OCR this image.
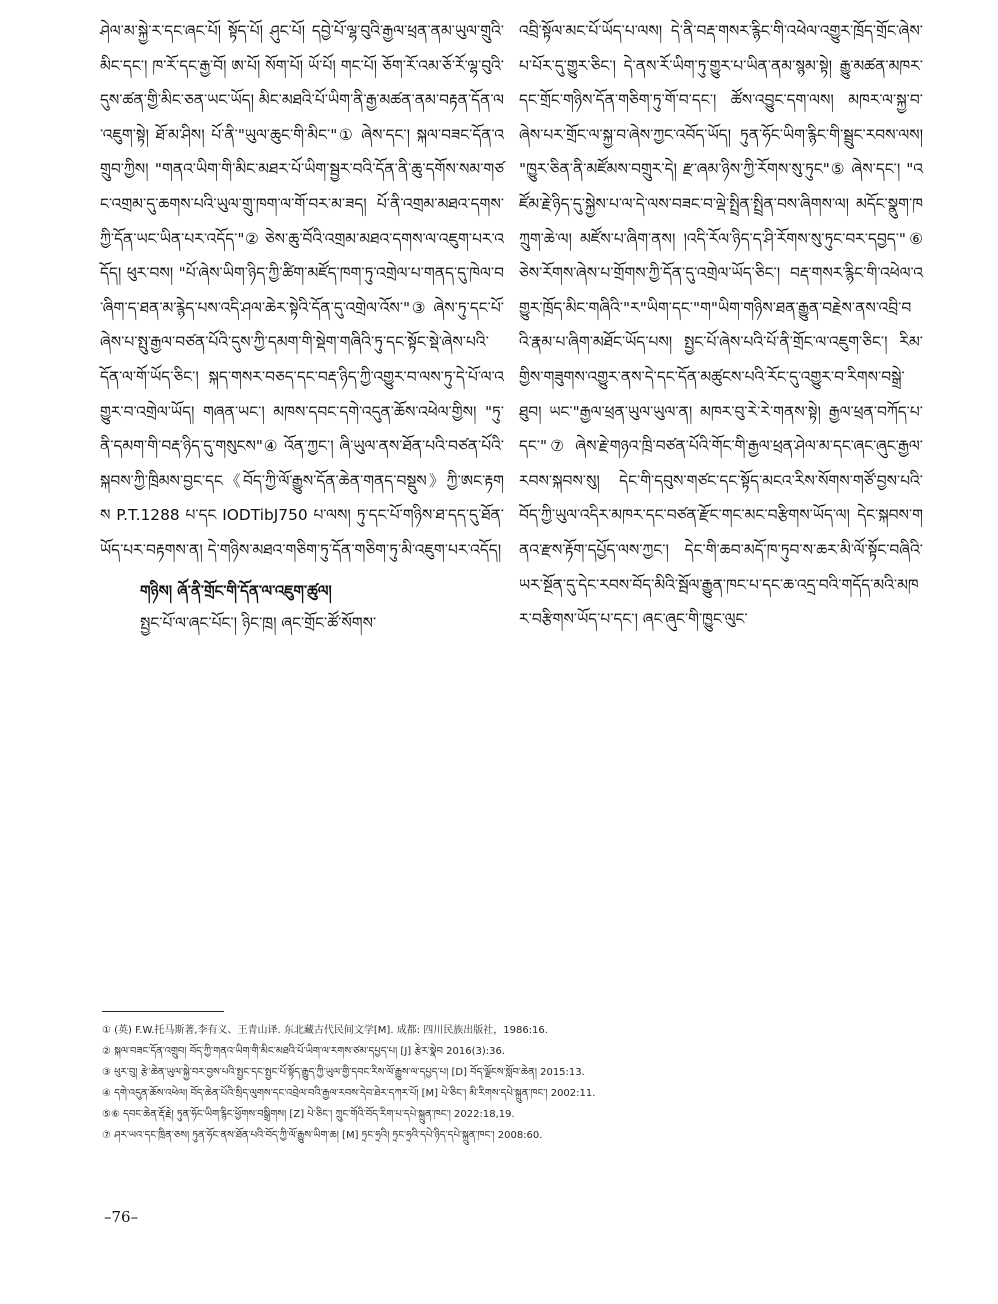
ཤེལ་མ་སྐྱེ་ར་དང་ཞང་པོ། སྟོད་པོ། ཤུང་པོ། དབྱེ་པོ་ལྷ་བུའི་རྒྱལ་ཕྲན་ནམ་ཡུལ་གྲུའི་མིང་དང་། ཁ་རོ་དང་རྒྱ་བོ། ཨ་པོ། སོག་པོ། ཡོ་པོ། གང་པོ། ཅོག་རོ་འམ་ཅོ་རོ་ལྷ་བུའི་དུས་ཚན་གྱི་མིང་ཅན་ཡང་ཡོད། མིང་མཐའི་པོ་ཡིག་ནི་རྒྱ་མཚན་ནམ་བརྟན་དོན་ལ་འཇུག་སྟེ། ཐོ་མ་ཤིས། པོ་ནི་"ཡུལ་ཆུང་གི་མིང་"① ཞེས་དང་། སྐལ་བཟང་དོན་འགྲུབ་ཀྱིས། "གནའ་ཡིག་གི་མིང་མཐར་པོ་ཡིག་སྦྱར་བའི་དོན་ནི་ཆུ་དགོས་སམ་གཙང་འགྲམ་དུ་ཆགས་པའི་ཡུལ་གྲུ་ཁག་ལ་གོ་བར་མ་ཟད། པོ་ནི་འགྲམ་མཐའ་དགས་ཀྱི་དོན་ཡང་ཡིན་པར་འདོད་"② ཅེས་ཆུ་བོའི་འགྲམ་མཐའ་དགས་ལ་འཇུག་པར་འདོད། ཕུར་བས། "པོ་ཞེས་ཡིག་ཉིད་ཀྱི་ཚིག་མཛོད་ཁག་ཏུ་འགྲེལ་པ་གནད་དུ་ཁེལ་བ་ཞིག་ད་ཐན་མ་རྙེད་པས་འདི་ཤལ་ཆེར་སྟེའི་དོན་དུ་འགྲེལ་འོས་"③ ཞེས་ཏུ་དང་པོ་ཞེས་པ་སྤུ་རྒྱལ་བཙན་པོའི་དུས་ཀྱི་དམག་གི་སྡེག་གཞིའི་ཏུ་དང་སྟོང་སྡེ་ཞེས་པའི་དོན་ལ་གོ་ཡོད་ཅིང་། སྐད་གསར་བཅད་དང་བརྡ་ཉིད་ཀྱི་འགྱུར་བ་ལས་ཏུ་དེ་པོ་ལ་འགྱུར་བ་འགྲེལ་ཡོད། གཞན་ཡང་། མཁས་དབང་དགེ་འདུན་ཆོས་འཕེལ་གྱིས། "ཏུ་ནི་དམག་གི་བརྡ་ཉིད་དུ་གསུངས"④ འོན་ཀྱང་། ཞི་ཡུལ་ནས་ཐོན་པའི་བཙན་པོའི་སྐབས་ཀྱི་ཁྲིམས་བྱང་དང《བོད་ཀྱི་ལོ་རྒྱུས་དོན་ཆེན་གནད་བསྡུས》ཀྱི་ཨང་རྟགས P.T.1288 པ་དང IODTibJ750 པ་ལས། ཏུ་དང་པོ་གཉིས་ཐ་དད་དུ་ཐོན་ཡོད་པར་བརྟགས་ན། དེ་གཉིས་མཐའ་གཅིག་ཏུ་དོན་གཅིག་ཏུ་མི་འཇུག་པར་འདོད།

གཉིས། ཞོ་ནི་གྲོང་གི་དོན་ལ་འཇུག་ཚུལ།

སྤྱང་པོ་ལ་ཞང་པོང་། ཉིང་ཁྲ། ཞང་གྲོང་ཚོ་སོགས་

འབྲི་སྟོལ་མང་པོ་ཡོད་པ་ལས། དེ་ནི་བརྡ་གསར་རྙིང་གི་འཕེལ་འགྱུར་ཁྲོད་གྲོང་ཞེས་པ་པོར་དུ་གྱུར་ཅིང་། དེ་ནས་རོ་ཡིག་ཏུ་གྱུར་པ་ཡིན་ནམ་སྙམ་སྟེ། རྒྱུ་མཚན་མཁར་དང་གྲོང་གཉིས་དོན་གཅིག་ཏུ་གོ་བ་དང་། ཚོས་འབྱུང་དག་ལས། མཁར་ལ་སྐྱ་བ་ཞེས་པར་གྲོང་ལ་སྐྱ་བ་ཞེས་ཀྱང་འབོད་ཡོད། ཏུན་ཧོང་ཡིག་རྙིང་གི་སྦྲུང་རབས་ལས། "ཁྱུར་ཅིན་ནི་མཛོམས་བགྲུར་དེ། རྫ་ཞམ་ཉིས་ཀྱི་རོགས་སུ་ཏུང"⑤ ཞེས་དང་། "འཛོམ་རྗེ་ཉིད་དུ་སྐྱེས་པ་ལ་དེ་ལས་བཟང་བ་ལྡེ་སྤྲིན་སྤྲིན་བས་ཞིགས་ལ། མདོང་སྣུག་ཁཀྲུག་ཆེ་ལ། མཛོས་པ་ཞིག་ནས། །འདི་རོལ་ཉིད་ད་ཤི་རོགས་སུ་ཏུང་བར་དབྱད་"⑥ ཅེས་རོགས་ཞེས་པ་གྲོགས་ཀྱི་དོན་དུ་འགྲེལ་ཡོད་ཅིང་། བརྡ་གསར་རྙིང་གི་འཕེལ་འགྱུར་ཁྲོད་མིང་གཞིའི་"ར"ཡིག་དང་"ག"ཡིག་གཉིས་ཐན་རྒྱུན་བརྗེས་ནས་འབྲི་བའི་རྣམ་པ་ཞིག་མཐོང་ཡོད་པས། སྤྱང་པོ་ཞེས་པའི་པོ་ནི་གྲོང་ལ་འཇུག་ཅིང་། རིམ་གྱིས་གཟུགས་འགྱུར་ནས་དེ་དང་དོན་མཚུངས་པའི་རོང་དུ་འགྱུར་བ་རིགས་བསྒྲེ་ཐུབ། ཡང་"རྒྱལ་ཕྲན་ཡུལ་ཡུལ་ན། མཁར་བུ་རེ་རེ་གནས་སྟེ། རྒྱལ་ཕྲན་བཀོད་པ་དང་"⑦ ཞེས་རྗེ་གཉའ་ཁྲི་བཙན་པོའི་གོང་གི་རྒྱལ་ཕྲན་ཤེལ་མ་དང་ཞང་ཞུང་རྒྱལ་རབས་སྐབས་སུ། དེང་གི་དབུས་གཙང་དང་སྟོད་མངའ་རིས་སོགས་གཙོ་བྱས་པའི་བོད་ཀྱི་ཡུལ་འདིར་མཁར་དང་བཙན་རྫོང་གང་མང་བརྩིགས་ཡོད་ལ། དེང་སྐབས་གནའ་རྫས་རྟོག་དཔྱོད་ལས་ཀྱང་། དེང་གི་ཆབ་མདོ་ཁ་ཏུབ་ས་ཆར་མི་ལོ་སྟོང་བཞིའི་ཡར་སྔོན་དུ་དེང་རབས་བོད་མིའི་སྦོལ་རྒྱུན་ཁང་པ་དང་ཆ་འདྲ་བའི་གདོད་མའི་མཁར་བརྩིགས་ཡོད་པ་དང་། ཞང་ཞུང་གི་ཁྱུང་ལུང་

① (英) F.W.托马斯著,李有义、王青山译. 东北藏古代民间文学[M]. 成都: 四川民族出版社，1986:16.
② སྐལ་བཟང་དོན་འགྲུབ། བོད་ཀྱི་གནའ་ཡིག་གི་མིང་མཐའི་པོ་ཡིག་ལ་རགས་ཙམ་དཔྱད་པ། [J] རྩེར་སྣེབ 2016(3):36.
③ ཕུར་བུ། རྩེ་ཆེན་ཡུལ་སྐྱེ་བར་བྱས་པའི་སྤྱང་དང་སྤྱང་པོ་སྟོད་རྒྱུད་ཀྱི་ཡུལ་གྱི་དབང་རིས་ལོ་རྒྱུས་ལ་དཔྱད་པ། [D] བོད་ལྗོངས་སློབ་ཆེན། 2015:13.
④ དགེ་འདུན་ཆོས་འཕེལ། བོད་ཆེན་པོའི་སྲིད་ལུགས་དང་འབྲེལ་བའི་རྒྱལ་རབས་དེབ་ཐེར་དཀར་པོ། [M] པེ་ཅིང་། མི་རིགས་དཔེ་སྐྲུན་ཁང་། 2002:11.
⑤⑥ དབང་ཆེན་རྡོ་རྗེ། ཏུན་ཧོང་ཡིག་རྙིང་ཕྱོགས་བསྒྲིགས། [Z] པེ་ཅིང་། ཀྲུང་གོའི་བོད་རིག་པ་དཔེ་སྐྲུན་ཁང་། 2022:18,19.
⑦ ཤར་ཡའ་དང་ཁྲིན་ཅས། ཏུན་ཧོང་ནས་ཐོན་པའི་བོད་ཀྱི་ལོ་རྒྱུས་ཡིག་ཆ། [M] ཏྲང་ཧྲའི། ཏྲང་ཧྲའི་དཔེ་ཉིད་དཔེ་སྐྲུན་ཁང་། 2008:60.
–76–
